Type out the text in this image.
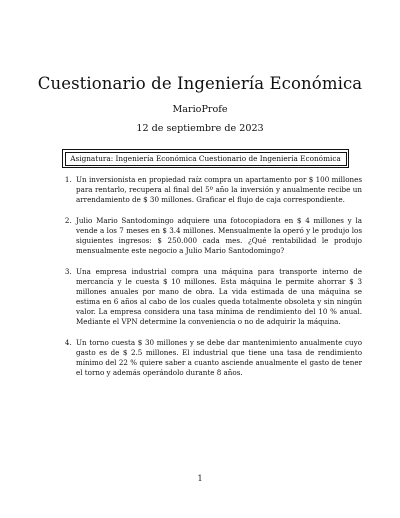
Cuestionario de Ingeniería Económica
MarioProfe
12 de septiembre de 2023
Asignatura: Ingeniería Económica Cuestionario de Ingeniería Económica
1. Un inversionista en propiedad raíz compra un apartamento por $ 100 millones para rentarlo, recupera al final del 5º año la inversión y anualmente recibe un arrendamiento de $ 30 millones. Graficar el flujo de caja correspondiente.
2. Julio Mario Santodomingo adquiere una fotocopiadora en $ 4 millones y la vende a los 7 meses en $ 3.4 millones. Mensualmente la operó y le produjo los siguientes ingresos: $ 250.000 cada mes. ¿Qué rentabilidad le produjo mensualmente este negocio a Julio Mario Santodomingo?
3. Una empresa industrial compra una máquina para transporte interno de mercancía y le cuesta $ 10 millones. Esta máquina le permite ahorrar $ 3 millones anuales por mano de obra. La vida estimada de una máquina se estima en 6 años al cabo de los cuales queda totalmente obsoleta y sin ningún valor. La empresa considera una tasa mínima de rendimiento del 10 % anual. Mediante el VPN determine la conveniencia o no de adquirir la máquina.
4. Un torno cuesta $ 30 millones y se debe dar mantenimiento anualmente cuyo gasto es de $ 2.5 millones. El industrial que tiene una tasa de rendimiento mínimo del 22 % quiere saber a cuanto asciende anualmente el gasto de tener el torno y además operándolo durante 8 años.
1
